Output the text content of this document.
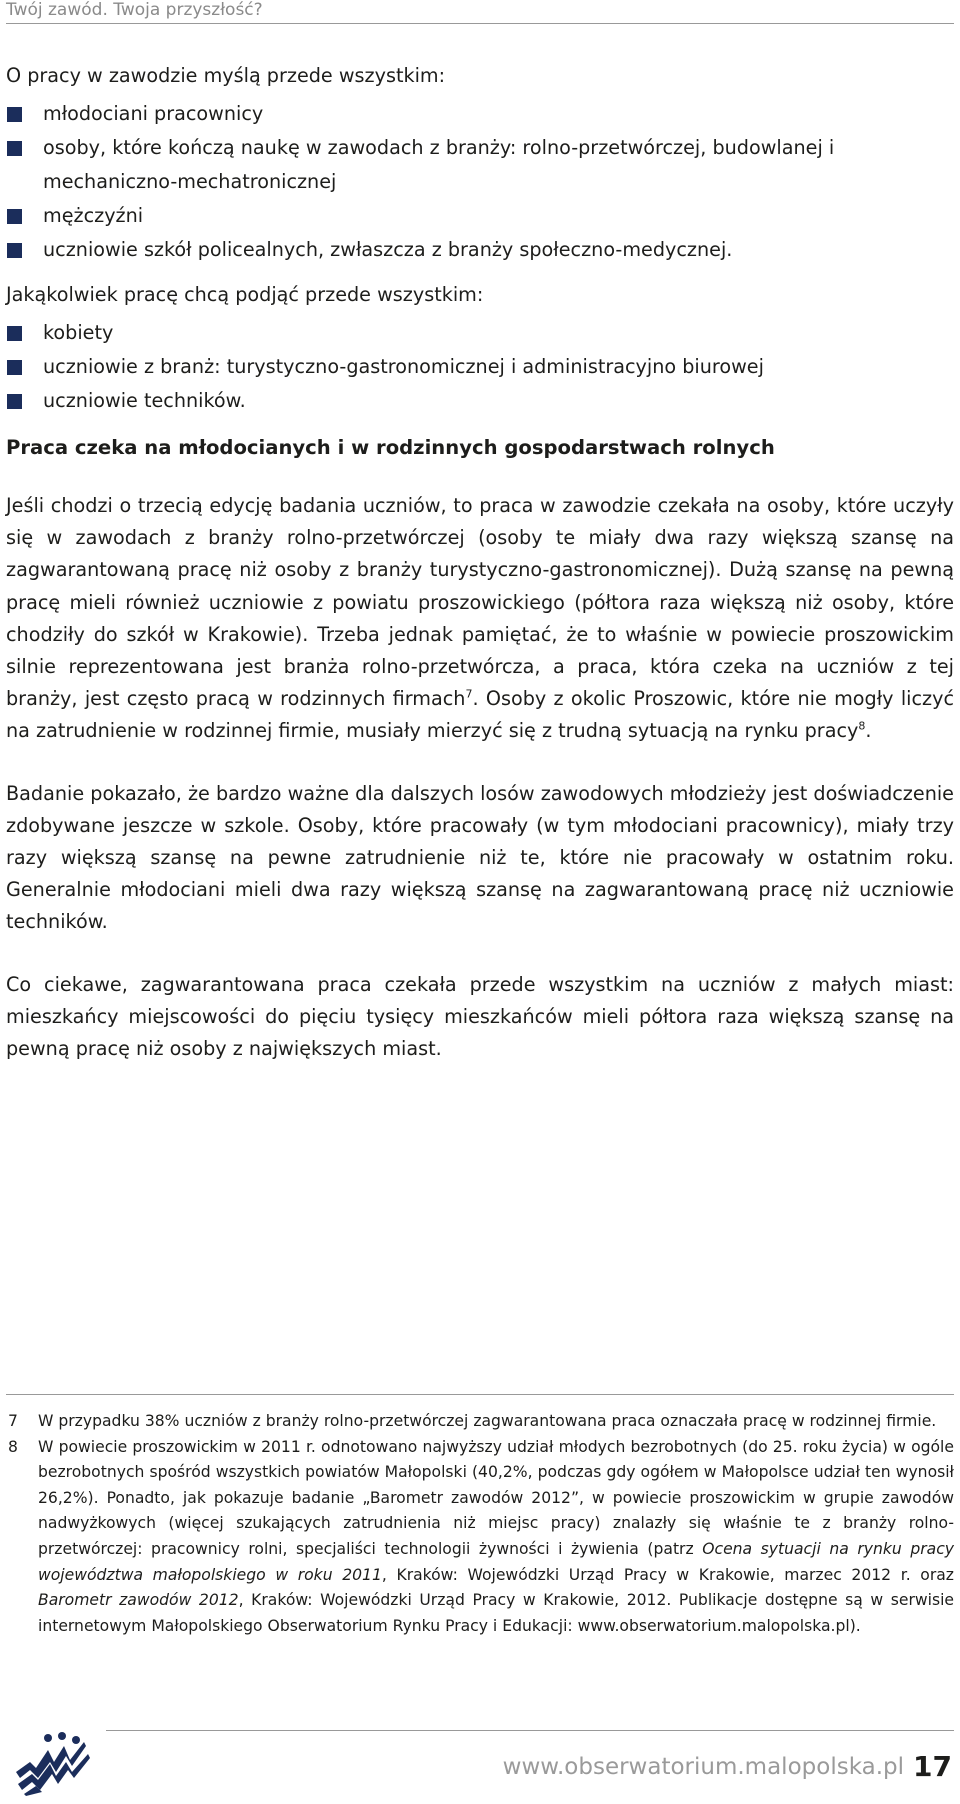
Twój zawód. Twoja przyszłość?
O pracy w zawodzie myślą przede wszystkim:
młodociani pracownicy
osoby, które kończą naukę w zawodach z branży: rolno-przetwórczej, budowlanej i mechaniczno-mechatronicznej
mężczyźni
uczniowie szkół policealnych, zwłaszcza z branży społeczno-medycznej.
Jakąkolwiek pracę chcą podjąć przede wszystkim:
kobiety
uczniowie z branż: turystyczno-gastronomicznej i administracyjno biurowej
uczniowie techników.
Praca czeka na młodocianych i w rodzinnych gospodarstwach rolnych

Jeśli chodzi o trzecią edycję badania uczniów, to praca w zawodzie czekała na osoby, które uczyły się w zawodach z branży rolno-przetwórczej (osoby te miały dwa razy większą szansę na zagwarantowaną pracę niż osoby z branży turystyczno-gastronomicznej). Dużą szansę na pewną pracę mieli również uczniowie z powiatu proszowickiego (półtora raza większą niż osoby, które chodziły do szkół w Krakowie). Trzeba jednak pamiętać, że to właśnie w powiecie proszowickim silnie reprezentowana jest branża rolno-przetwórcza, a praca, która czeka na uczniów z tej branży, jest często pracą w rodzinnych firmach$^7$. Osoby z okolic Proszowic, które nie mogły liczyć na zatrudnienie w rodzinnej firmie, musiały mierzyć się z trudną sytuacją na rynku pracy$^8$.

Badanie pokazało, że bardzo ważne dla dalszych losów zawodowych młodzieży jest doświadczenie zdobywane jeszcze w szkole. Osoby, które pracowały (w tym młodociani pracownicy), miały trzy razy większą szansę na pewne zatrudnienie niż te, które nie pracowały w ostatnim roku. Generalnie młodociani mieli dwa razy większą szansę na zagwarantowaną pracę niż uczniowie techników.

Co ciekawe, zagwarantowana praca czekała przede wszystkim na uczniów z małych miast: mieszkańcy miejscowości do pięciu tysięcy mieszkańców mieli półtora raza większą szansę na pewną pracę niż osoby z największych miast.

7 W przypadku 38% uczniów z branży rolno-przetwórczej zagwarantowana praca oznaczała pracę w rodzinnej firmie.
8 W powiecie proszowickim w 2011 r. odnotowano najwyższy udział młodych bezrobotnych (do 25. roku życia) w ogóle bezrobotnych spośród wszystkich powiatów Małopolski (40,2%, podczas gdy ogółem w Małopolsce udział ten wynosił 26,2%). Ponadto, jak pokazuje badanie „Barometr zawodów 2012”, w powiecie proszowickim w grupie zawodów nadwyżkowych (więcej szukających zatrudnienia niż miejsc pracy) znalazły się właśnie te z branży rolno-przetwórczej: pracownicy rolni, specjaliści technologii żywności i żywienia (patrz Ocena sytuacji na rynku pracy województwa małopolskiego w roku 2011, Kraków: Wojewódzki Urząd Pracy w Krakowie, marzec 2012 r. oraz Barometr zawodów 2012, Kraków: Wojewódzki Urząd Pracy w Krakowie, 2012. Publikacje dostępne są w serwisie internetowym Małopolskiego Obserwatorium Rynku Pracy i Edukacji: www.obserwatorium.malopolska.pl).
www.obserwatorium.malopolska.pl 17
